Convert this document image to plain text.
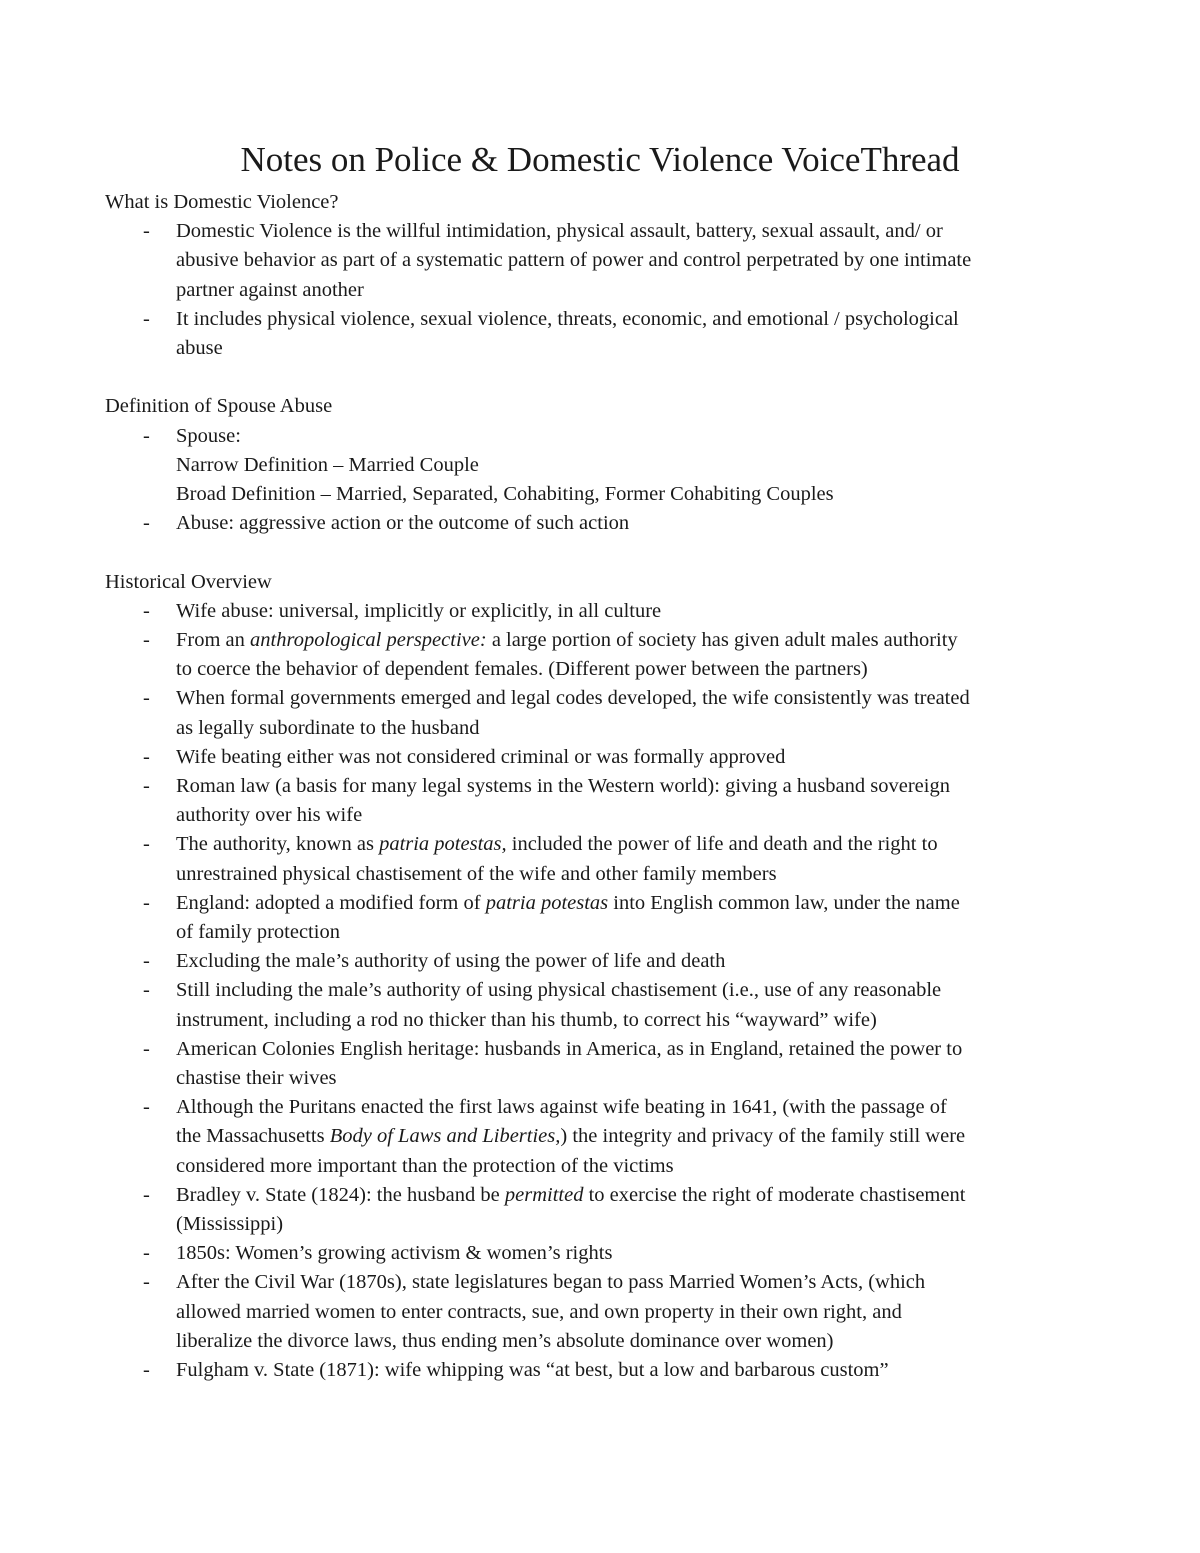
Notes on Police & Domestic Violence VoiceThread

What is Domestic Violence?

- Domestic Violence is the willful intimidation, physical assault, battery, sexual assault, and/ or
abusive behavior as part of a systematic pattern of power and control perpetrated by one intimate
partner against another
- It includes physical violence, sexual violence, threats, economic, and emotional / psychological
abuse

Definition of Spouse Abuse

- Spouse:
Narrow Definition – Married Couple
Broad Definition – Married, Separated, Cohabiting, Former Cohabiting Couples
- Abuse: aggressive action or the outcome of such action

Historical Overview

- Wife abuse: universal, implicitly or explicitly, in all culture
- From an anthropological perspective: a large portion of society has given adult males authority
to coerce the behavior of dependent females. (Different power between the partners)
- When formal governments emerged and legal codes developed, the wife consistently was treated
as legally subordinate to the husband
- Wife beating either was not considered criminal or was formally approved
- Roman law (a basis for many legal systems in the Western world): giving a husband sovereign
authority over his wife
- The authority, known as patria potestas, included the power of life and death and the right to
unrestrained physical chastisement of the wife and other family members
- England: adopted a modified form of patria potestas into English common law, under the name
of family protection
- Excluding the male’s authority of using the power of life and death
- Still including the male’s authority of using physical chastisement (i.e., use of any reasonable
instrument, including a rod no thicker than his thumb, to correct his “wayward” wife)
- American Colonies English heritage: husbands in America, as in England, retained the power to
chastise their wives
- Although the Puritans enacted the first laws against wife beating in 1641, (with the passage of
the Massachusetts Body of Laws and Liberties,) the integrity and privacy of the family still were
considered more important than the protection of the victims
- Bradley v. State (1824): the husband be permitted to exercise the right of moderate chastisement
(Mississippi)
- 1850s: Women’s growing activism & women’s rights
- After the Civil War (1870s), state legislatures began to pass Married Women’s Acts, (which
allowed married women to enter contracts, sue, and own property in their own right, and
liberalize the divorce laws, thus ending men’s absolute dominance over women)
- Fulgham v. State (1871): wife whipping was “at best, but a low and barbarous custom”
